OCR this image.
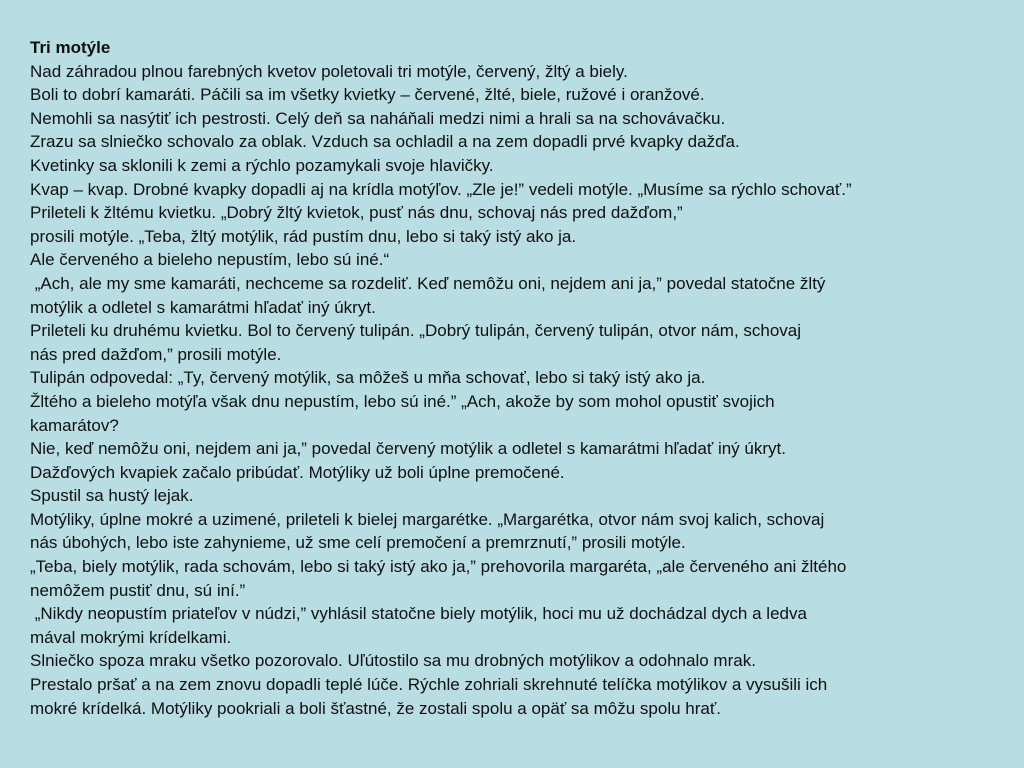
Tri motýle
Nad záhradou plnou farebných kvetov poletovali tri motýle, červený, žltý a biely.
Boli to dobrí kamaráti. Páčili sa im všetky kvietky – červené, žlté, biele, ružové i oranžové.
Nemohli sa nasýtiť ich pestrosti. Celý deň sa naháňali medzi nimi a hrali sa na schovávačku.
Zrazu sa slniečko schovalo za oblak. Vzduch sa ochladil a na zem dopadli prvé kvapky dažďa.
Kvetinky sa sklonili k zemi a rýchlo pozamykali svoje hlavičky.
Kvap – kvap. Drobné kvapky dopadli aj na krídla motýľov. „Zle je!” vedeli motýle. „Musíme sa rýchlo schovať.”
Prileteli k žltému kvietku. „Dobrý žltý kvietok, pusť nás dnu, schovaj nás pred dažďom,”
prosili motýle. „Teba, žltý motýlik, rád pustím dnu, lebo si taký istý ako ja.
Ale červeného a bieleho nepustím, lebo sú iné.“
„Ach, ale my sme kamaráti, nechceme sa rozdeliť. Keď nemôžu oni, nejdem ani ja,” povedal statočne žltý
motýlik a odletel s kamarátmi hľadať iný úkryt.
Prileteli ku druhému kvietku. Bol to červený tulipán. „Dobrý tulipán, červený tulipán, otvor nám, schovaj
nás pred dažďom,” prosili motýle.
Tulipán odpovedal: „Ty, červený motýlik, sa môžeš u mňa schovať, lebo si taký istý ako ja.
Žltého a bieleho motýľa však dnu nepustím, lebo sú iné.” „Ach, akože by som mohol opustiť svojich
kamarátov?
Nie, keď nemôžu oni, nejdem ani ja,” povedal červený motýlik a odletel s kamarátmi hľadať iný úkryt.
Dažďových kvapiek začalo pribúdať. Motýliky už boli úplne premočené.
Spustil sa hustý lejak.
Motýliky, úplne mokré a uzimené, prileteli k bielej margarétke. „Margarétka, otvor nám svoj kalich, schovaj
nás úbohých, lebo iste zahynieme, už sme celí premočení a premrznutí,” prosili motýle.
„Teba, biely motýlik, rada schovám, lebo si taký istý ako ja,” prehovorila margaréta, „ale červeného ani žltého
nemôžem pustiť dnu, sú iní.”
„Nikdy neopustím priateľov v núdzi,” vyhlásil statočne biely motýlik, hoci mu už dochádzal dych a ledva
mával mokrými krídelkami.
Slniečko spoza mraku všetko pozorovalo. Uľútostilo sa mu drobných motýlikov a odohnalo mrak.
Prestalo pršať a na zem znovu dopadli teplé lúče. Rýchle zohriali skrehnuté telíčka motýlikov a vysušili ich
mokré krídelká. Motýliky pookriali a boli šťastné, že zostali spolu a opäť sa môžu spolu hrať.
